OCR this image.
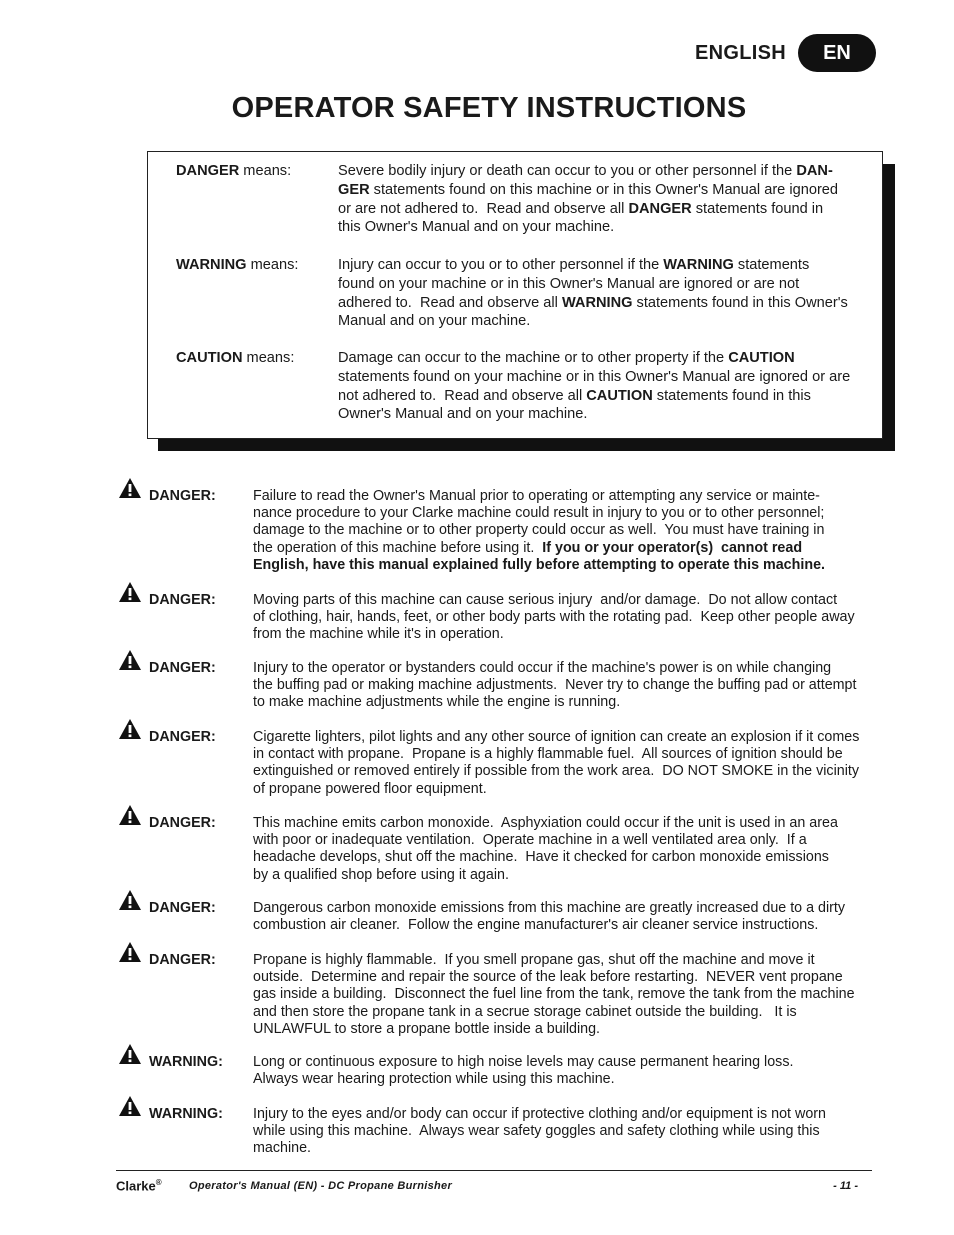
ENGLISH	EN
OPERATOR SAFETY INSTRUCTIONS
DANGER means:	Severe bodily injury or death can occur to you or other personnel if the DAN-
GER statements found on this machine or in this Owner's Manual are ignored
or are not adhered to.  Read and observe all DANGER statements found in
this Owner's Manual and on your machine.
WARNING means:	Injury can occur to you or to other personnel if the WARNING statements
found on your machine or in this Owner's Manual are ignored or are not
adhered to.  Read and observe all WARNING statements found in this Owner's
Manual and on your machine.
CAUTION means:	Damage can occur to the machine or to other property if the CAUTION
statements found on your machine or in this Owner's Manual are ignored or are
not adhered to.  Read and observe all CAUTION statements found in this
Owner's Manual and on your machine.
DANGER:	Failure to read the Owner's Manual prior to operating or attempting any service or mainte-
nance procedure to your Clarke machine could result in injury to you or to other personnel;
damage to the machine or to other property could occur as well.  You must have training in
the operation of this machine before using it.  If you or your operator(s)  cannot read
English, have this manual explained fully before attempting to operate this machine.
DANGER:	Moving parts of this machine can cause serious injury  and/or damage.  Do not allow contact
of clothing, hair, hands, feet, or other body parts with the rotating pad.  Keep other people away
from the machine while it's in operation.
DANGER:	Injury to the operator or bystanders could occur if the machine's power is on while changing
the buffing pad or making machine adjustments.  Never try to change the buffing pad or attempt
to make machine adjustments while the engine is running.
DANGER:	Cigarette lighters, pilot lights and any other source of ignition can create an explosion if it comes
in contact with propane.  Propane is a highly flammable fuel.  All sources of ignition should be
extinguished or removed entirely if possible from the work area.  DO NOT SMOKE in the vicinity
of propane powered floor equipment.
DANGER:	This machine emits carbon monoxide.  Asphyxiation could occur if the unit is used in an area
with poor or inadequate ventilation.  Operate machine in a well ventilated area only.  If a
headache develops, shut off the machine.  Have it checked for carbon monoxide emissions
by a qualified shop before using it again.
DANGER:	Dangerous carbon monoxide emissions from this machine are greatly increased due to a dirty
combustion air cleaner.  Follow the engine manufacturer's air cleaner service instructions.
DANGER:	Propane is highly flammable.  If you smell propane gas, shut off the machine and move it
outside.  Determine and repair the source of the leak before restarting.  NEVER vent propane
gas inside a building.  Disconnect the fuel line from the tank, remove the tank from the machine
and then store the propane tank in a secrue storage cabinet outside the building.   It is
UNLAWFUL to store a propane bottle inside a building.
WARNING: Long or continuous exposure to high noise levels may cause permanent hearing loss.
Always wear hearing protection while using this machine.
WARNING: Injury to the eyes and/or body can occur if protective clothing and/or equipment is not worn
while using this machine.  Always wear safety goggles and safety clothing while using this
machine.
Clarke® Operator's Manual (EN) - DC Propane Burnisher	- 11 -
